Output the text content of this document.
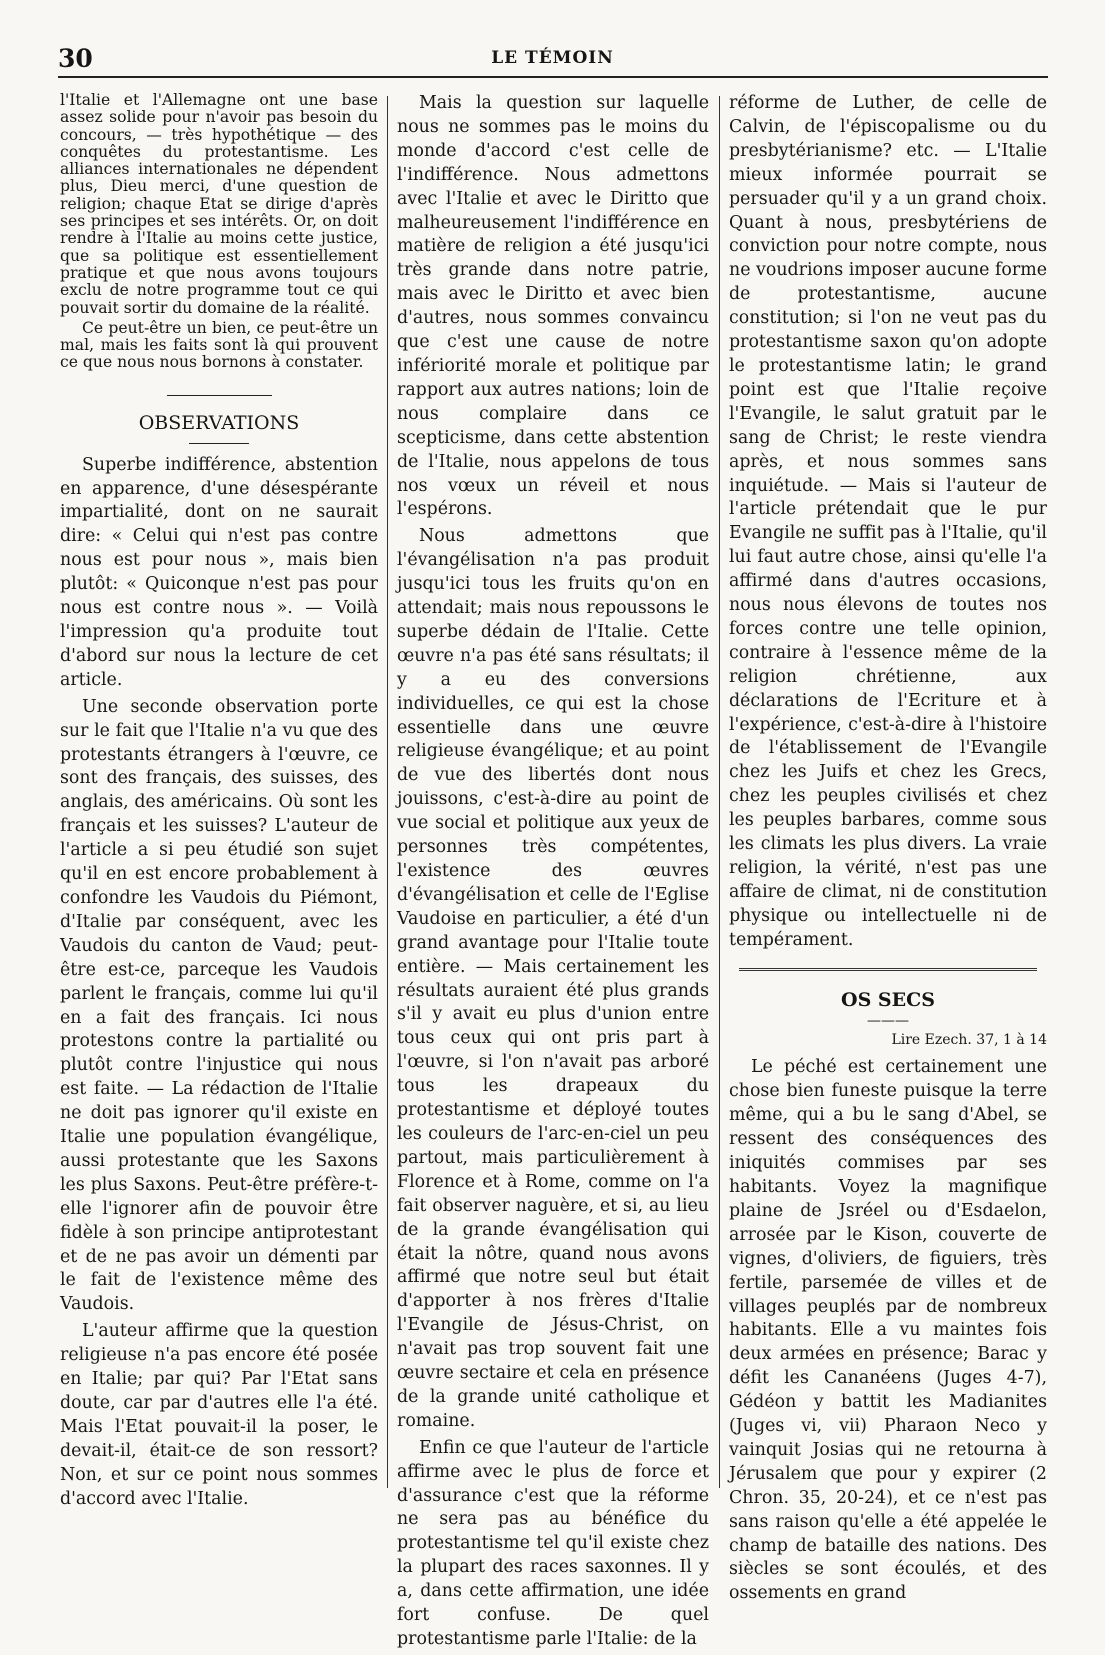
30	LE TÉMOIN

l'Italie et l'Allemagne ont une base assez solide pour n'avoir pas besoin du concours, — très hypothétique — des conquêtes du protestantisme. Les alliances internationales ne dépendent plus, Dieu merci, d'une question de religion; chaque Etat se dirige d'après ses principes et ses intérêts. Or, on doit rendre à l'Italie au moins cette justice, que sa politique est essentiellement pratique et que nous avons toujours exclu de notre programme tout ce qui pouvait sortir du domaine de la réalité.

Ce peut-être un bien, ce peut-être un mal, mais les faits sont là qui prouvent ce que nous nous bornons à constater.

OBSERVATIONS

Superbe indifférence, abstention en apparence, d'une désespérante impartialité, dont on ne saurait dire: « Celui qui n'est pas contre nous est pour nous », mais bien plutôt: « Quiconque n'est pas pour nous est contre nous ». — Voilà l'impression qu'a produite tout d'abord sur nous la lecture de cet article.

Une seconde observation porte sur le fait que l'Italie n'a vu que des protestants étrangers à l'œuvre, ce sont des français, des suisses, des anglais, des américains. Où sont les français et les suisses? L'auteur de l'article a si peu étudié son sujet qu'il en est encore probablement à confondre les Vaudois du Piémont, d'Italie par conséquent, avec les Vaudois du canton de Vaud; peut-être est-ce, parceque les Vaudois parlent le français, comme lui qu'il en a fait des français. Ici nous protestons contre la partialité ou plutôt contre l'injustice qui nous est faite. — La rédaction de l'Italie ne doit pas ignorer qu'il existe en Italie une population évangélique, aussi protestante que les Saxons les plus Saxons. Peut-être préfère-t-elle l'ignorer afin de pouvoir être fidèle à son principe antiprotestant et de ne pas avoir un démenti par le fait de l'existence même des Vaudois.

L'auteur affirme que la question religieuse n'a pas encore été posée en Italie; par qui? Par l'Etat sans doute, car par d'autres elle l'a été. Mais l'Etat pouvait-il la poser, le devait-il, était-ce de son ressort? Non, et sur ce point nous sommes d'accord avec l'Italie.

Mais la question sur laquelle nous ne sommes pas le moins du monde d'accord c'est celle de l'indifférence. Nous admettons avec l'Italie et avec le Diritto que malheureusement l'indifférence en matière de religion a été jusqu'ici très grande dans notre patrie, mais avec le Diritto et avec bien d'autres, nous sommes convaincu que c'est une cause de notre infériorité morale et politique par rapport aux autres nations; loin de nous complaire dans ce scepticisme, dans cette abstention de l'Italie, nous appelons de tous nos vœux un réveil et nous l'espérons.

Nous admettons que l'évangélisation n'a pas produit jusqu'ici tous les fruits qu'on en attendait; mais nous repoussons le superbe dédain de l'Italie. Cette œuvre n'a pas été sans résultats; il y a eu des conversions individuelles, ce qui est la chose essentielle dans une œuvre religieuse évangélique; et au point de vue des libertés dont nous jouissons, c'est-à-dire au point de vue social et politique aux yeux de personnes très compétentes, l'existence des œuvres d'évangélisation et celle de l'Eglise Vaudoise en particulier, a été d'un grand avantage pour l'Italie toute entière. — Mais certainement les résultats auraient été plus grands s'il y avait eu plus d'union entre tous ceux qui ont pris part à l'œuvre, si l'on n'avait pas arboré tous les drapeaux du protestantisme et déployé toutes les couleurs de l'arc-en-ciel un peu partout, mais particulièrement à Florence et à Rome, comme on l'a fait observer naguère, et si, au lieu de la grande évangélisation qui était la nôtre, quand nous avons affirmé que notre seul but était d'apporter à nos frères d'Italie l'Evangile de Jésus-Christ, on n'avait pas trop souvent fait une œuvre sectaire et cela en présence de la grande unité catholique et romaine.

Enfin ce que l'auteur de l'article affirme avec le plus de force et d'assurance c'est que la réforme ne sera pas au bénéfice du protestantisme tel qu'il existe chez la plupart des races saxonnes. Il y a, dans cette affirmation, une idée fort confuse. De quel protestantisme parle l'Italie: de la

réforme de Luther, de celle de Calvin, de l'épiscopalisme ou du presbytérianisme? etc. — L'Italie mieux informée pourrait se persuader qu'il y a un grand choix. Quant à nous, presbytériens de conviction pour notre compte, nous ne voudrions imposer aucune forme de protestantisme, aucune constitution; si l'on ne veut pas du protestantisme saxon qu'on adopte le protestantisme latin; le grand point est que l'Italie reçoive l'Evangile, le salut gratuit par le sang de Christ; le reste viendra après, et nous sommes sans inquiétude. — Mais si l'auteur de l'article prétendait que le pur Evangile ne suffit pas à l'Italie, qu'il lui faut autre chose, ainsi qu'elle l'a affirmé dans d'autres occasions, nous nous élevons de toutes nos forces contre une telle opinion, contraire à l'essence même de la religion chrétienne, aux déclarations de l'Ecriture et à l'expérience, c'est-à-dire à l'histoire de l'établissement de l'Evangile chez les Juifs et chez les Grecs, chez les peuples civilisés et chez les peuples barbares, comme sous les climats les plus divers. La vraie religion, la vérité, n'est pas une affaire de climat, ni de constitution physique ou intellectuelle ni de tempérament.

OS SECS

———

Lire Ezech. 37, 1 à 14

Le péché est certainement une chose bien funeste puisque la terre même, qui a bu le sang d'Abel, se ressent des conséquences des iniquités commises par ses habitants. Voyez la magnifique plaine de Jsréel ou d'Esdaelon, arrosée par le Kison, couverte de vignes, d'oliviers, de figuiers, très fertile, parsemée de villes et de villages peuplés par de nombreux habitants. Elle a vu maintes fois deux armées en présence; Barac y défit les Cananéens (Juges 4-7), Gédéon y battit les Madianites (Juges vi, vii) Pharaon Neco y vainquit Josias qui ne retourna à Jérusalem que pour y expirer (2 Chron. 35, 20-24), et ce n'est pas sans raison qu'elle a été appelée le champ de bataille des nations. Des siècles se sont écoulés, et des ossements en grand
